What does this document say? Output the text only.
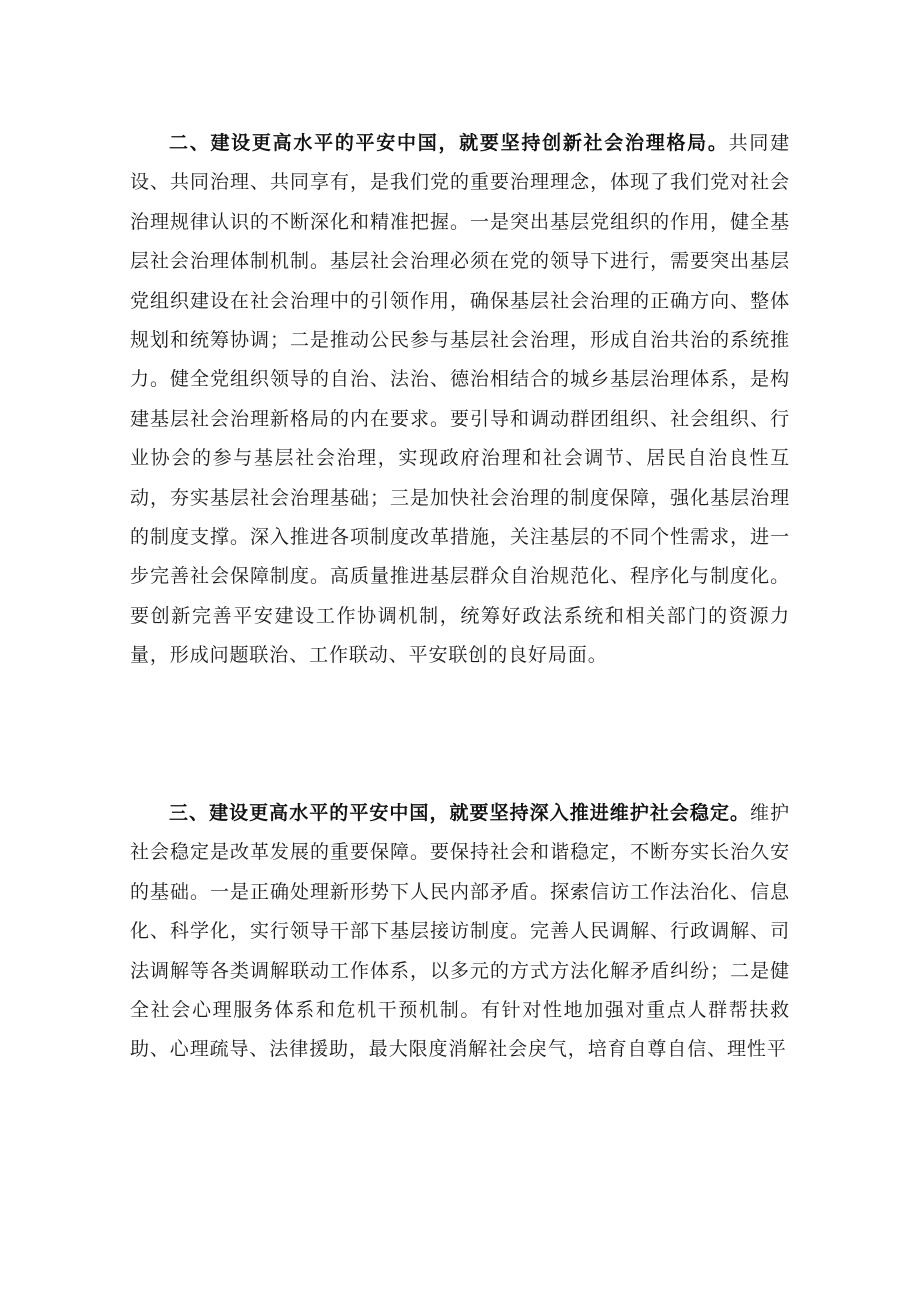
二、建设更高水平的平安中国，就要坚持创新社会治理格局。共同建设、共同治理、共同享有，是我们党的重要治理理念，体现了我们党对社会治理规律认识的不断深化和精准把握。一是突出基层党组织的作用，健全基层社会治理体制机制。基层社会治理必须在党的领导下进行，需要突出基层党组织建设在社会治理中的引领作用，确保基层社会治理的正确方向、整体规划和统筹协调；二是推动公民参与基层社会治理，形成自治共治的系统推力。健全党组织领导的自治、法治、德治相结合的城乡基层治理体系，是构建基层社会治理新格局的内在要求。要引导和调动群团组织、社会组织、行业协会的参与基层社会治理，实现政府治理和社会调节、居民自治良性互动，夯实基层社会治理基础；三是加快社会治理的制度保障，强化基层治理的制度支撑。深入推进各项制度改革措施，关注基层的不同个性需求，进一步完善社会保障制度。高质量推进基层群众自治规范化、程序化与制度化。要创新完善平安建设工作协调机制，统筹好政法系统和相关部门的资源力量，形成问题联治、工作联动、平安联创的良好局面。

三、建设更高水平的平安中国，就要坚持深入推进维护社会稳定。维护社会稳定是改革发展的重要保障。要保持社会和谐稳定，不断夯实长治久安的基础。一是正确处理新形势下人民内部矛盾。探索信访工作法治化、信息化、科学化，实行领导干部下基层接访制度。完善人民调解、行政调解、司法调解等各类调解联动工作体系，以多元的方式方法化解矛盾纠纷；二是健全社会心理服务体系和危机干预机制。有针对性地加强对重点人群帮扶救助、心理疏导、法律援助，最大限度消解社会戾气，培育自尊自信、理性平
